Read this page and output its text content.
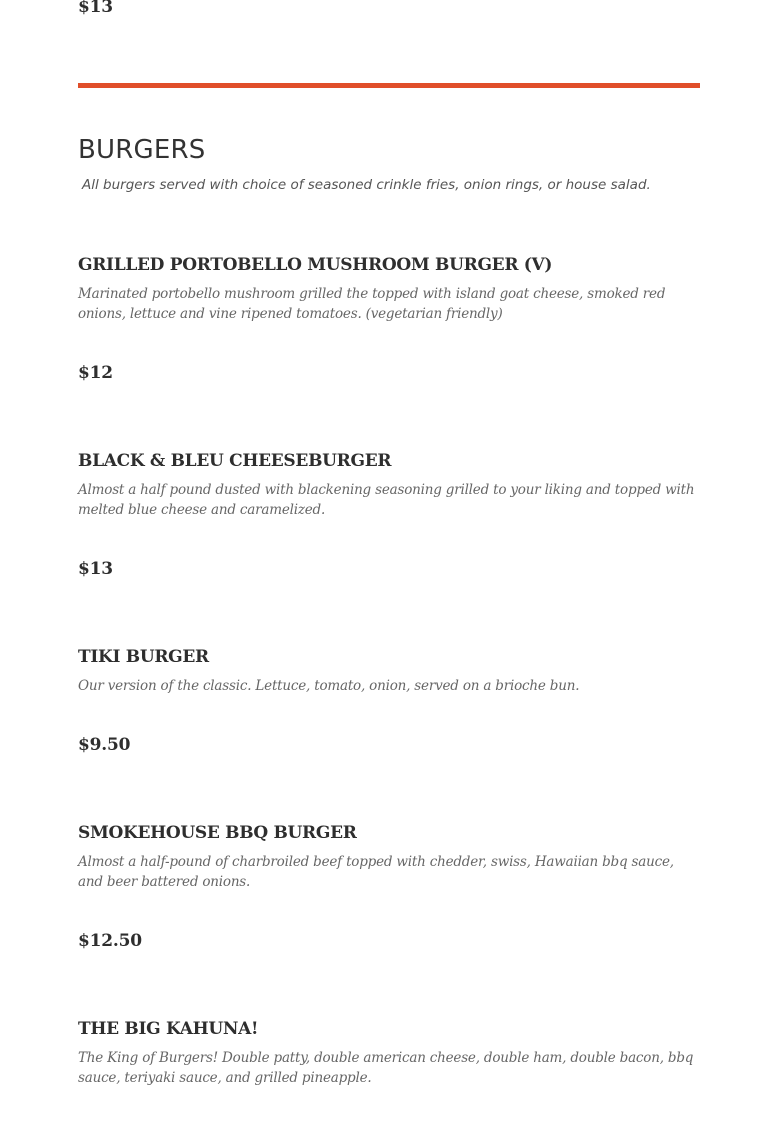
$13

BURGERS

All burgers served with choice of seasoned crinkle fries, onion rings, or house salad.

GRILLED PORTOBELLO MUSHROOM BURGER (V)

Marinated portobello mushroom grilled the topped with island goat cheese, smoked red onions, lettuce and vine ripened tomatoes. (vegetarian friendly)

$12

BLACK & BLEU CHEESEBURGER

Almost a half pound dusted with blackening seasoning grilled to your liking and topped with melted blue cheese and caramelized.

$13

TIKI BURGER

Our version of the classic. Lettuce, tomato, onion, served on a brioche bun.

$9.50

SMOKEHOUSE BBQ BURGER

Almost a half-pound of charbroiled beef topped with chedder, swiss, Hawaiian bbq sauce, and beer battered onions.

$12.50

THE BIG KAHUNA!

The King of Burgers! Double patty, double american cheese, double ham, double bacon, bbq sauce, teriyaki sauce, and grilled pineapple.
